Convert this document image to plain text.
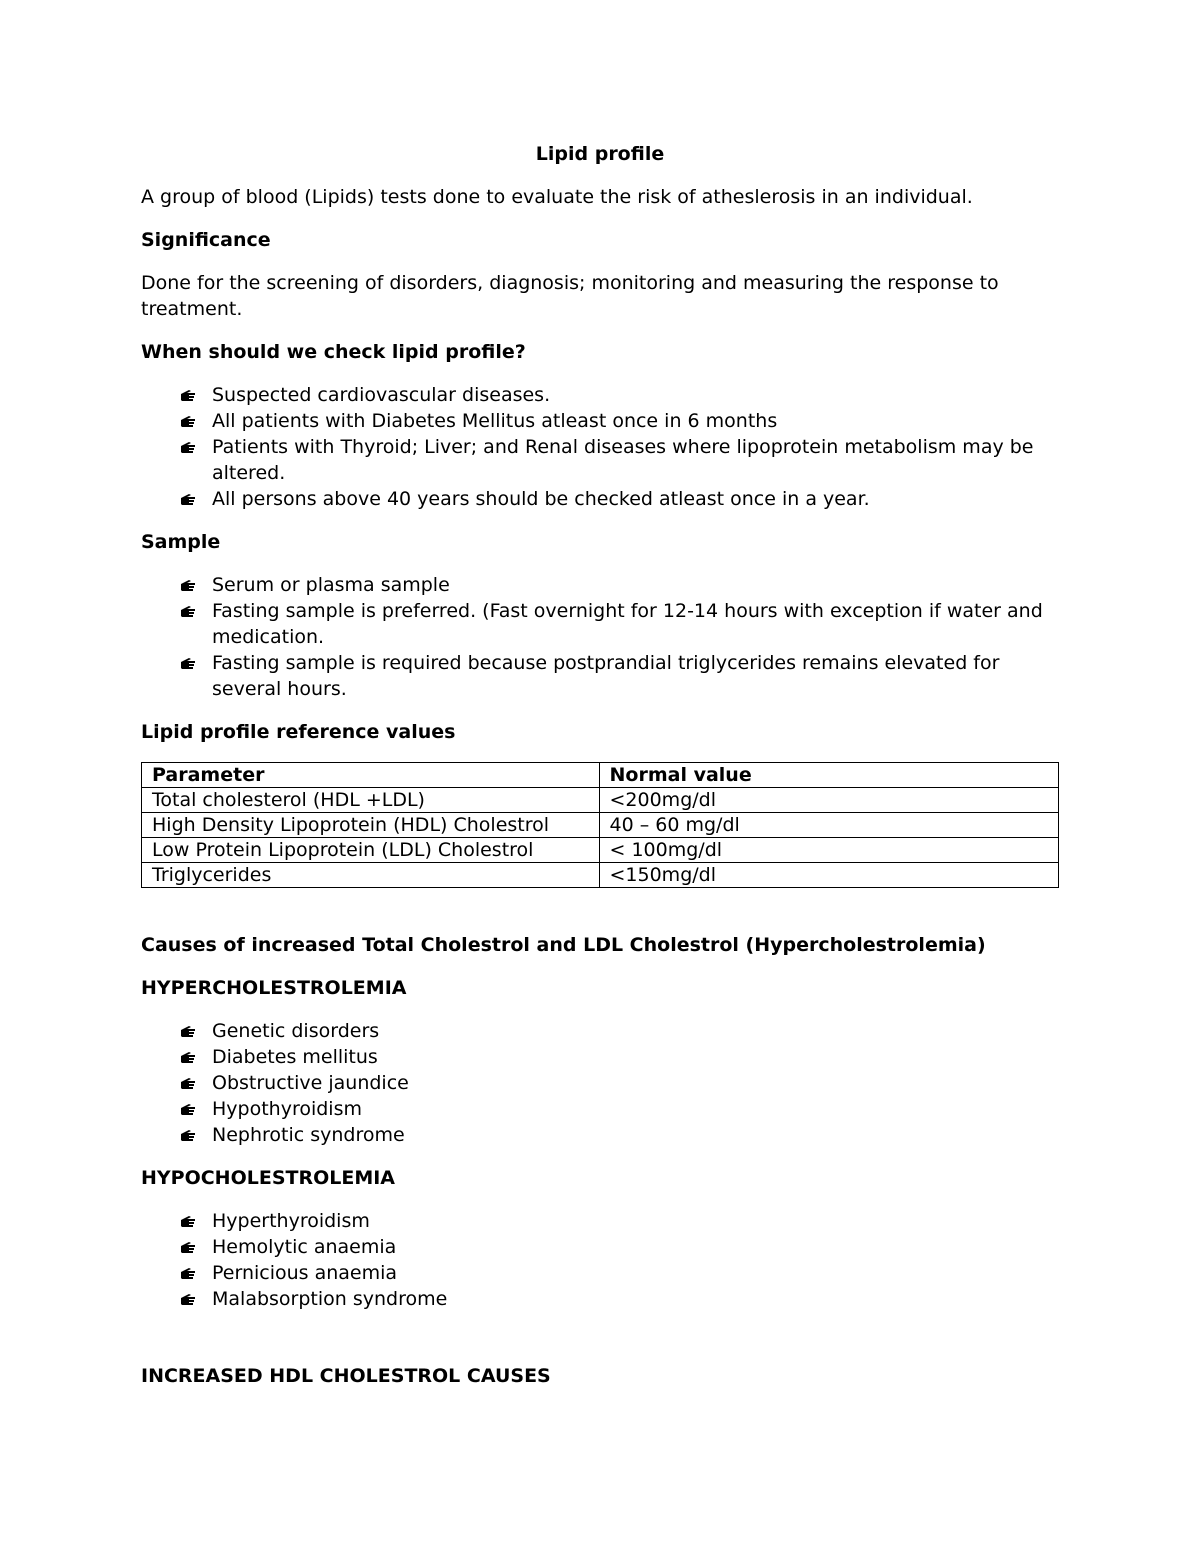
Lipid profile
A group of blood (Lipids) tests done to evaluate the risk of atheslerosis in an individual.
Significance
Done for the screening of disorders, diagnosis; monitoring and measuring the response to treatment.
When should we check lipid profile?
Suspected cardiovascular diseases.
All patients with Diabetes Mellitus atleast once in 6 months
Patients with Thyroid; Liver; and Renal diseases where lipoprotein metabolism may be altered.
All persons above 40 years should be checked atleast once in a year.
Sample
Serum or plasma sample
Fasting sample is preferred. (Fast overnight for 12-14 hours with exception if water and medication.
Fasting sample is required because postprandial triglycerides remains elevated for several hours.
Lipid profile reference values
Parameter	Normal value
Total cholesterol (HDL +LDL)	<200mg/dl
High Density Lipoprotein (HDL) Cholestrol	40 – 60 mg/dl
Low Protein Lipoprotein (LDL) Cholestrol	< 100mg/dl
Triglycerides	<150mg/dl
Causes of increased Total Cholestrol and LDL Cholestrol (Hypercholestrolemia)
HYPERCHOLESTROLEMIA
Genetic disorders
Diabetes mellitus
Obstructive jaundice
Hypothyroidism
Nephrotic syndrome
HYPOCHOLESTROLEMIA
Hyperthyroidism
Hemolytic anaemia
Pernicious anaemia
Malabsorption syndrome
INCREASED HDL CHOLESTROL CAUSES
